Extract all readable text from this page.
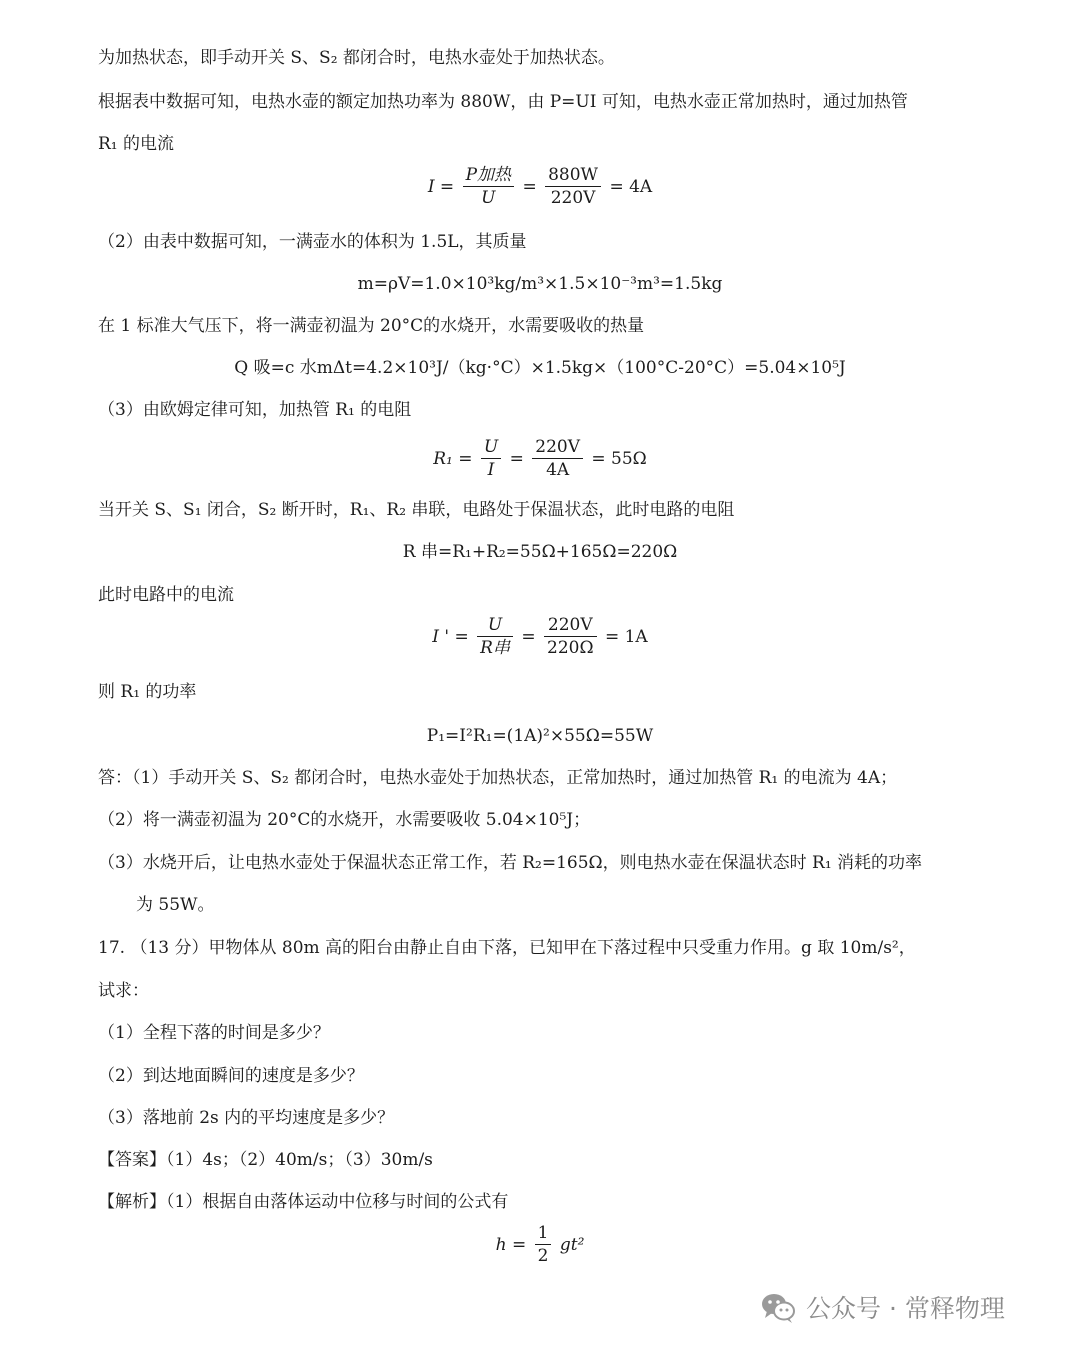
为加热状态，即手动开关 S、S₂ 都闭合时，电热水壶处于加热状态。
根据表中数据可知，电热水壶的额定加热功率为 880W，由 P=UI 可知，电热水壶正常加热时，通过加热管
R₁ 的电流
$I = \frac{\text{P加热}}{U} = \frac{880W}{220V} = 4A$
（2）由表中数据可知，一满壶水的体积为 1.5L，其质量
m=ρV=1.0×10³kg/m³×1.5×10⁻³m³=1.5kg
在 1 标准大气压下，将一满壶初温为 20°C的水烧开，水需要吸收的热量
Q 吸=c 水mΔt=4.2×10³J/（kg·°C）×1.5kg×（100°C-20°C）=5.04×10⁵J
（3）由欧姆定律可知，加热管 R₁ 的电阻
$R_1 = \frac{U}{I} = \frac{220V}{4A} = 55\Omega$
当开关 S、S₁ 闭合，S₂ 断开时，R₁、R₂ 串联，电路处于保温状态，此时电路的电阻
R 串=R₁+R₂=55Ω+165Ω=220Ω
此时电路中的电流
I ' = $\frac{U}{\text{R串}} = \frac{220V}{220\Omega} = 1A$
则 R₁ 的功率
P₁=I²R₁=(1A)²×55Ω=55W
答：（1）手动开关 S、S₂ 都闭合时，电热水壶处于加热状态，正常加热时，通过加热管 R₁ 的电流为 4A；
（2）将一满壶初温为 20°C的水烧开，水需要吸收 5.04×10⁵J；
（3）水烧开后，让电热水壶处于保温状态正常工作，若 R₂=165Ω，则电热水壶在保温状态时 R₁ 消耗的功率
为 55W。
17. （13 分）甲物体从 80m 高的阳台由静止自由下落，已知甲在下落过程中只受重力作用。g 取 10m/s²，
试求：
（1）全程下落的时间是多少？
（2）到达地面瞬间的速度是多少？
（3）落地前 2s 内的平均速度是多少？
【答案】（1）4s；（2）40m/s；（3）30m/s
【解析】（1）根据自由落体运动中位移与时间的公式有
$h = \frac{1}{2} gt^2$
公众号 · 常释物理
